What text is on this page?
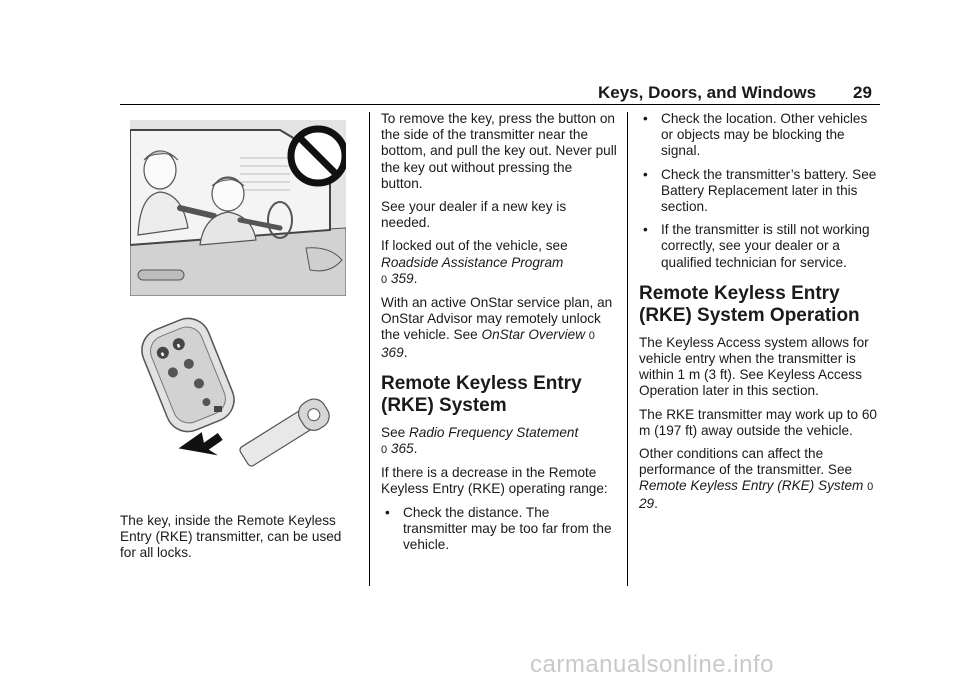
Keys, Doors, and Windows 29
∎
∎

The key, inside the Remote Keyless Entry (RKE) transmitter, can be used for all locks.

To remove the key, press the button on the side of the transmitter near the bottom, and pull the key out. Never pull the key out without pressing the button.

See your dealer if a new key is needed.

If locked out of the vehicle, see
Roadside Assistance Program
0 359.

With an active OnStar service plan, an OnStar Advisor may remotely unlock the vehicle. See OnStar Overview 0 369.

Remote Keyless Entry (RKE) System

See Radio Frequency Statement
0 365.

If there is a decrease in the Remote Keyless Entry (RKE) operating range:

• Check the distance. The transmitter may be too far from the vehicle.
• Check the location. Other vehicles or objects may be blocking the signal.
• Check the transmitter’s battery. See Battery Replacement later in this section.
• If the transmitter is still not working correctly, see your dealer or a qualified technician for service.
Remote Keyless Entry (RKE) System Operation

The Keyless Access system allows for vehicle entry when the transmitter is within 1 m (3 ft). See Keyless Access Operation later in this section.

The RKE transmitter may work up to 60 m (197 ft) away outside the vehicle.

Other conditions can affect the performance of the transmitter. See
Remote Keyless Entry (RKE) System 0 29.

carmanualsonline.info
